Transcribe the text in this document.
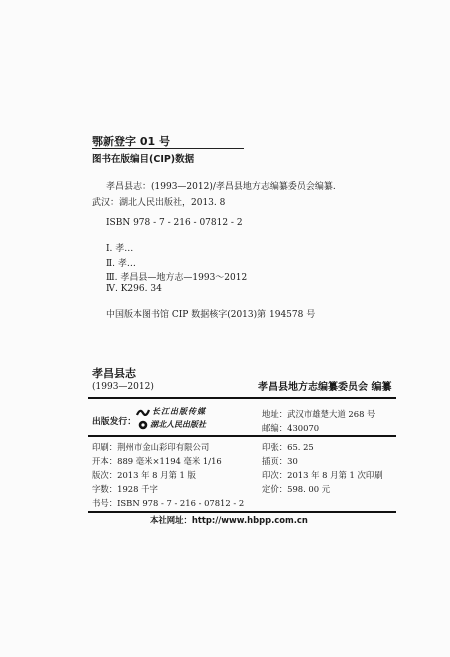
鄂新登字 01 号
图书在版编目(CIP)数据
孝昌县志：(1993—2012)/孝昌县地方志编纂委员会编纂.
武汉：湖北人民出版社，2013. 8
ISBN 978 - 7 - 216 - 07812 - 2
Ⅰ. 孝…
Ⅱ. 孝…
Ⅲ. 孝昌县—地方志—1993～2012
Ⅳ. K296. 34
中国版本图书馆 CIP 数据核字(2013)第 194578 号
孝昌县志
(1993—2012)	孝昌县地方志编纂委员会 编纂
出版发行：
长江出版传媒
湖北人民出版社
地址：武汉市雄楚大道 268 号
邮编：430070
印刷：荆州市金山彩印有限公司
开本：889 毫米×1194 毫米 1/16
版次：2013 年 8 月第 1 版
字数：1928 千字
书号：ISBN 978 - 7 - 216 - 07812 - 2
印张：65. 25
插页：30
印次：2013 年 8 月第 1 次印刷
定价：598. 00 元
本社网址：http://www.hbpp.com.cn
